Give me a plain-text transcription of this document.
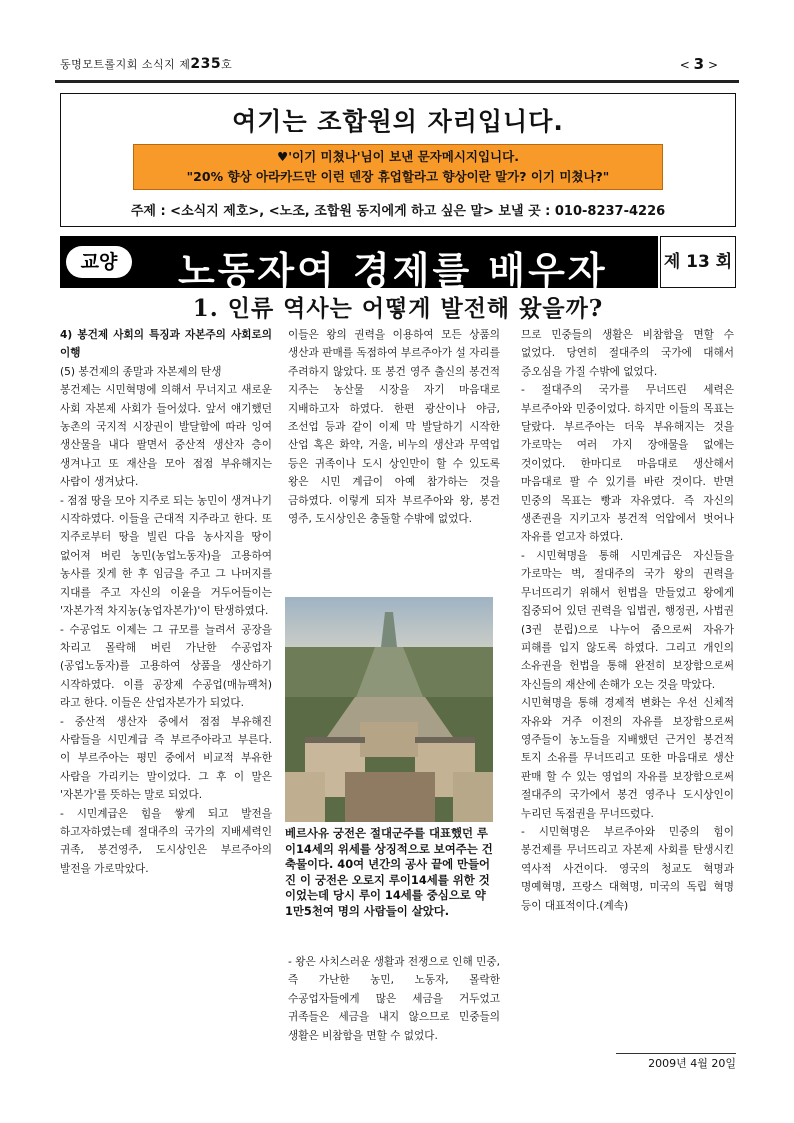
동명모트롤지회 소식지 제235호	< 3 >
여기는 조합원의 자리입니다.
♥'이기 미쳤나'님이 보낸 문자메시지입니다.
"20% 향상 아라카드만 이런 덴장 휴업할라고 향상이란 말가? 이기 미쳤나?"
주제 : <소식지 제호>, <노조, 조합원 동지에게 하고 싶은 말> 보낼 곳 : 010-8237-4226
교양	노동자여 경제를 배우자	제 13 회
1. 인류 역사는 어떻게 발전해 왔을까?

4) 봉건제 사회의 특징과 자본주의 사회로의 이행

(5) 봉건제의 종말과 자본제의 탄생

봉건제는 시민혁명에 의해서 무너지고 새로운 사회 자본제 사회가 들어섰다. 앞서 얘기했던 농촌의 국지적 시장권이 발달함에 따라 잉여 생산물을 내다 팔면서 중산적 생산자 층이 생겨나고 또 재산을 모아 점점 부유해지는 사람이 생겨났다.

- 점점 땅을 모아 지주로 되는 농민이 생겨나기 시작하였다. 이들을 근대적 지주라고 한다. 또 지주로부터 땅을 빌린 다음 농사지을 땅이 없어져 버린 농민(농업노동자)을 고용하여 농사를 짓게 한 후 임금을 주고 그 나머지를 지대를 주고 자신의 이윤을 거두어들이는 '자본가적 차지농(농업자본가)'이 탄생하였다.

- 수공업도 이제는 그 규모를 늘려서 공장을 차리고 몰락해 버린 가난한 수공업자(공업노동자)를 고용하여 상품을 생산하기 시작하였다. 이를 공장제 수공업(매뉴팩처)라고 한다. 이들은 산업자본가가 되었다.

- 중산적 생산자 중에서 점점 부유해진 사람들을 시민계급 즉 부르주아라고 부른다. 이 부르주아는 평민 중에서 비교적 부유한 사람을 가리키는 말이었다. 그 후 이 말은 '자본가'를 뜻하는 말로 되었다.

- 시민계급은 힘을 쌓게 되고 발전을 하고자하였는데 절대주의 국가의 지배세력인 귀족, 봉건영주, 도시상인은 부르주아의 발전을 가로막았다.

이들은 왕의 권력을 이용하여 모든 상품의 생산과 판매를 독점하여 부르주아가 설 자리를 주려하지 않았다. 또 봉건 영주 출신의 봉건적 지주는 농산물 시장을 자기 마음대로 지배하고자 하였다. 한편 광산이나 야금, 조선업 등과 같이 이제 막 발달하기 시작한 산업 혹은 화약, 거울, 비누의 생산과 무역업 등은 귀족이나 도시 상인만이 할 수 있도록 왕은 시민 계급이 아예 참가하는 것을 금하였다. 이렇게 되자 부르주아와 왕, 봉건 영주, 도시상인은 충돌할 수밖에 없었다.

베르사유 궁전은 절대군주를 대표했던 루이14세의 위세를 상징적으로 보여주는 건축물이다. 40여 년간의 공사 끝에 만들어진 이 궁전은 오로지 루이14세를 위한 것이었는데 당시 루이 14세를 중심으로 약 1만5천여 명의 사람들이 살았다.

- 왕은 사치스러운 생활과 전쟁으로 인해 민중, 즉 가난한 농민, 노동자, 몰락한 수공업자들에게 많은 세금을 거두었고 귀족들은 세금을 내지 않으므로 민중들의 생활은 비참함을 면할 수 없었다.

므로 민중들의 생활은 비참함을 면할 수 없었다. 당연히 절대주의 국가에 대해서 증오심을 가질 수밖에 없었다.

- 절대주의 국가를 무너뜨린 세력은 부르주아와 민중이었다. 하지만 이들의 목표는 달랐다. 부르주아는 더욱 부유해지는 것을 가로막는 여러 가지 장애물을 없애는 것이었다. 한마디로 마음대로 생산해서 마음대로 팔 수 있기를 바란 것이다. 반면 민중의 목표는 빵과 자유였다. 즉 자신의 생존권을 지키고자 봉건적 억압에서 벗어나 자유를 얻고자 하였다.

- 시민혁명을 통해 시민계급은 자신들을 가로막는 벽, 절대주의 국가 왕의 권력을 무너뜨리기 위해서 헌법을 만들었고 왕에게 집중되어 있던 권력을 입법권, 행정권, 사법권(3권 분립)으로 나누어 줌으로써 자유가 피해를 입지 않도록 하였다. 그리고 개인의 소유권을 헌법을 통해 완전히 보장함으로써 자신들의 재산에 손해가 오는 것을 막았다.

시민혁명을 통해 경제적 변화는 우선 신체적 자유와 거주 이전의 자유를 보장함으로써 영주들이 농노들을 지배했던 근거인 봉건적 토지 소유를 무너뜨리고 또한 마음대로 생산 판매 할 수 있는 영업의 자유를 보장함으로써 절대주의 국가에서 봉건 영주나 도시상인이 누리던 독점권을 무너뜨렸다.

- 시민혁명은 부르주아와 민중의 힘이 봉건제를 무너뜨리고 자본제 사회를 탄생시킨 역사적 사건이다. 영국의 청교도 혁명과 명예혁명, 프랑스 대혁명, 미국의 독립 혁명 등이 대표적이다.(계속)

2009년 4월 20일
